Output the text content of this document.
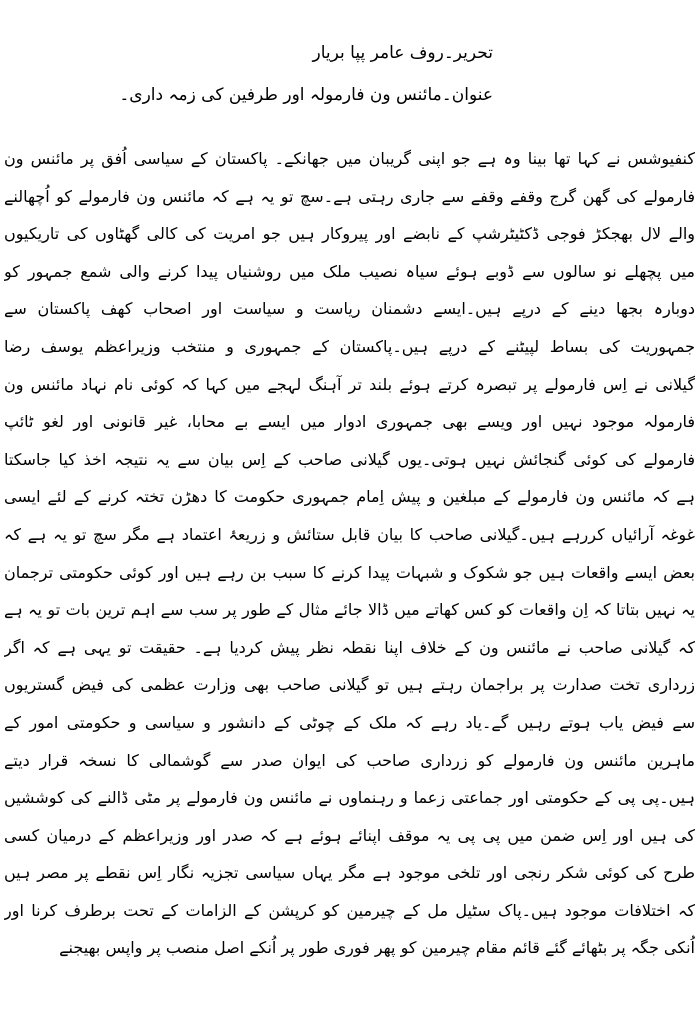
تحریر۔روف عامر پپا بریار
عنوان۔مائنس ون فارمولہ اور طرفین کی زمہ داری۔
کنفیوشس نے کہا تھا بینا وہ ہے جو اپنی گریبان میں جھانکے۔ پاکستان کے سیاسی اُفق پر مائنس ون
فارمولے کی گھن گرج وقفے وقفے سے جاری رہتی ہے۔سچ تو یہ ہے کہ مائنس ون فارمولے کو اُچھالنے
والے لال بھجکڑ فوجی ڈکٹیٹرشپ کے نابضے اور پیروکار ہیں جو امریت کی کالی گھٹاوں کی تاریکیوں
میں پچھلے نو سالوں سے ڈوبے ہوئے سیاہ نصیب ملک میں روشنیاں پیدا کرنے والی شمع جمہور کو
دوبارہ بجھا دینے کے درپے ہیں۔ایسے دشمنان ریاست و سیاست اور اصحاب کھف پاکستان سے
جمہوریت کی بساط لپیٹنے کے درپے ہیں۔پاکستان کے جمہوری و منتخب وزیراعظم یوسف رضا
گیلانی نے اِس فارمولے پر تبصرہ کرتے ہوئے بلند تر آہنگ لہجے میں کہا کہ کوئی نام نہاد مائنس ون
فارمولہ موجود نہیں اور ویسے بھی جمہوری ادوار میں ایسے بے محابا، غیر قانونی اور لغو ٹائپ
فارمولے کی کوئی گنجائش نہیں ہوتی۔یوں گیلانی صاحب کے اِس بیان سے یہ نتیجہ اخذ کیا جاسکتا
ہے کہ مائنس ون فارمولے کے مبلغین و پیش اِمام جمہوری حکومت کا دھڑن تختہ کرنے کے لئے ایسی
غوغہ آرائیاں کررہے ہیں۔گیلانی صاحب کا بیان قابل ستائش و زریعۂ اعتماد ہے مگر سچ تو یہ ہے کہ
بعض ایسے واقعات ہیں جو شکوک و شبہات پیدا کرنے کا سبب بن رہے ہیں اور کوئی حکومتی ترجمان
یہ نہیں بتاتا کہ اِن واقعات کو کس کھاتے میں ڈالا جائے مثال کے طور پر سب سے اہم ترین بات تو یہ ہے
کہ گیلانی صاحب نے مائنس ون کے خلاف اپنا نقطہ نظر پیش کردیا ہے۔ حقیقت تو یہی ہے کہ اگر
زرداری تخت صدارت پر براجمان رہتے ہیں تو گیلانی صاحب بھی وزارت عظمی کی فیض گستریوں
سے فیض یاب ہوتے رہیں گے۔یاد رہے کہ ملک کے چوٹی کے دانشور و سیاسی و حکومتی امور کے
ماہرین مائنس ون فارمولے کو زرداری صاحب کی ایوان صدر سے گوشمالی کا نسخہ قرار دیتے
ہیں۔پی پی کے حکومتی اور جماعتی زعما و رہنماوں نے مائنس ون فارمولے پر مٹی ڈالنے کی کوششیں
کی ہیں اور اِس ضمن میں پی پی یہ موقف اپنائے ہوئے ہے کہ صدر اور وزیراعظم کے درمیان کسی
طرح کی کوئی شکر رنجی اور تلخی موجود ہے مگر یہاں سیاسی تجزیہ نگار اِس نقطے پر مصر ہیں
کہ اختلافات موجود ہیں۔پاک سٹیل مل کے چیرمین کو کرپشن کے الزامات کے تحت برطرف کرنا اور
اُنکی جگہ پر بٹھائے گئے قائم مقام چیرمین کو پھر فوری طور پر اُنکے اصل منصب پر واپس بھیجنے
